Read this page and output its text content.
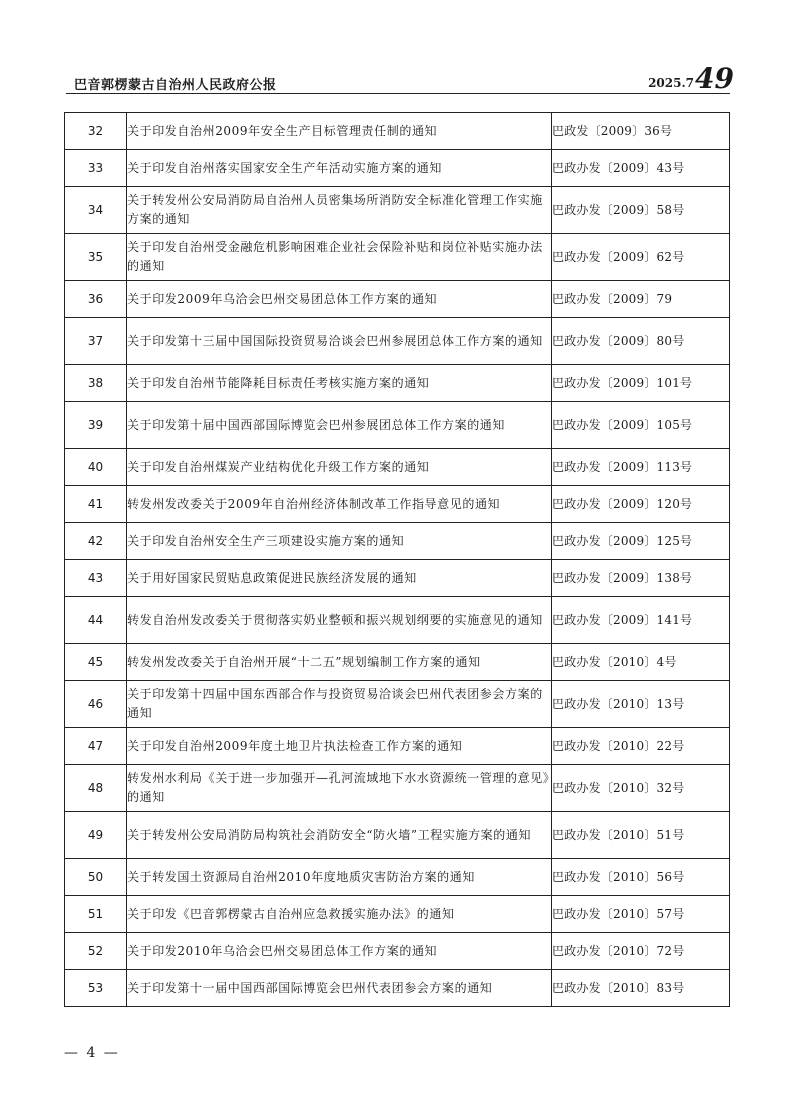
巴音郭楞蒙古自治州人民政府公报	2025.7 49
32	关于印发自治州2009年安全生产目标管理责任制的通知	巴政发〔2009〕36号
33	关于印发自治州落实国家安全生产年活动实施方案的通知	巴政办发〔2009〕43号
34	关于转发州公安局消防局自治州人员密集场所消防安全标准化管理工作实施方案的通知	巴政办发〔2009〕58号
35	关于印发自治州受金融危机影响困难企业社会保险补贴和岗位补贴实施办法的通知	巴政办发〔2009〕62号
36	关于印发2009年乌洽会巴州交易团总体工作方案的通知	巴政办发〔2009〕79
37	关于印发第十三届中国国际投资贸易洽谈会巴州参展团总体工作方案的通知	巴政办发〔2009〕80号
38	关于印发自治州节能降耗目标责任考核实施方案的通知	巴政办发〔2009〕101号
39	关于印发第十届中国西部国际博览会巴州参展团总体工作方案的通知	巴政办发〔2009〕105号
40	关于印发自治州煤炭产业结构优化升级工作方案的通知	巴政办发〔2009〕113号
41	转发州发改委关于2009年自治州经济体制改革工作指导意见的通知	巴政办发〔2009〕120号
42	关于印发自治州安全生产三项建设实施方案的通知	巴政办发〔2009〕125号
43	关于用好国家民贸贴息政策促进民族经济发展的通知	巴政办发〔2009〕138号
44	转发自治州发改委关于贯彻落实奶业整顿和振兴规划纲要的实施意见的通知	巴政办发〔2009〕141号
45	转发州发改委关于自治州开展“十二五”规划编制工作方案的通知	巴政办发〔2010〕4号
46	关于印发第十四届中国东西部合作与投资贸易洽谈会巴州代表团参会方案的通知	巴政办发〔2010〕13号
47	关于印发自治州2009年度土地卫片执法检查工作方案的通知	巴政办发〔2010〕22号
48	转发州水利局《关于进一步加强开—孔河流域地下水水资源统一管理的意见》的通知	巴政办发〔2010〕32号
49	关于转发州公安局消防局构筑社会消防安全“防火墙”工程实施方案的通知	巴政办发〔2010〕51号
50	关于转发国土资源局自治州2010年度地质灾害防治方案的通知	巴政办发〔2010〕56号
51	关于印发《巴音郭楞蒙古自治州应急救援实施办法》的通知	巴政办发〔2010〕57号
52	关于印发2010年乌洽会巴州交易团总体工作方案的通知	巴政办发〔2010〕72号
53	关于印发第十一届中国西部国际博览会巴州代表团参会方案的通知	巴政办发〔2010〕83号
— 4 —
